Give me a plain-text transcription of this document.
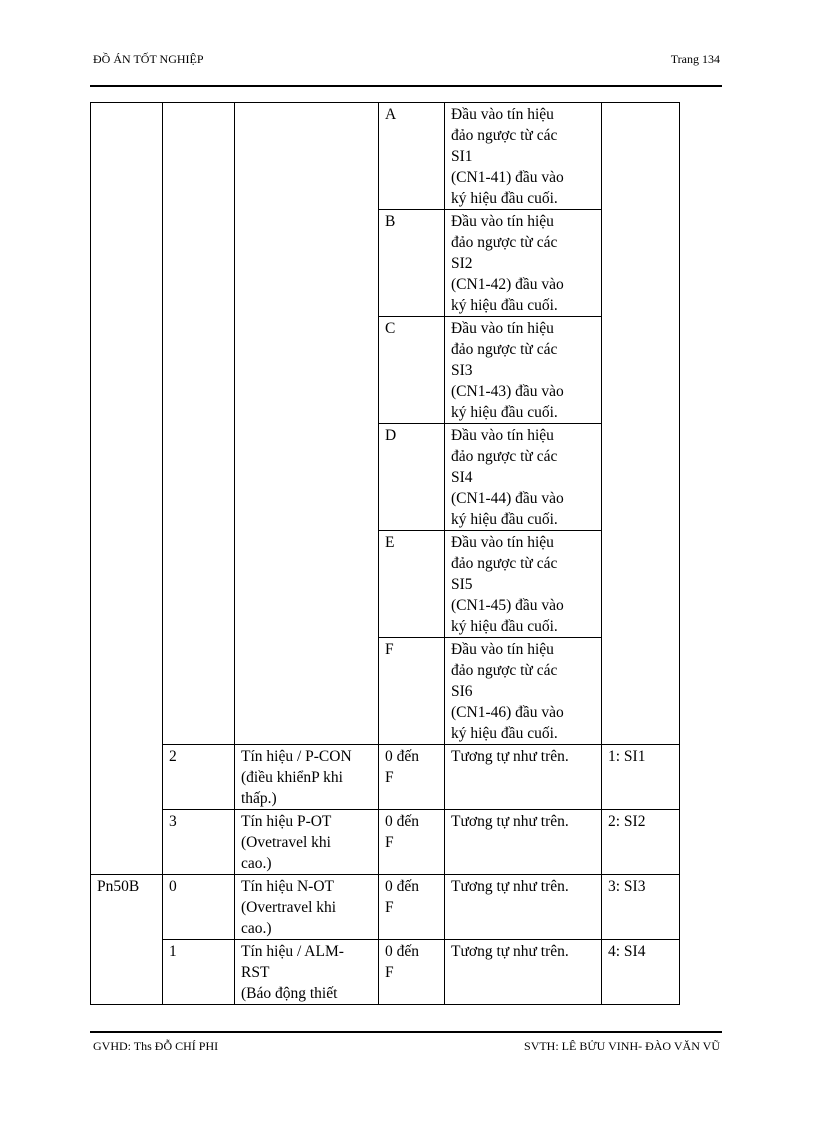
ĐỒ ÁN TỐT NGHIỆP	Trang 134

			A	Đầu vào tín hiệu
đảo ngược từ các
SI1
(CN1-41) đầu vào
ký hiệu đầu cuối.	

			B	Đầu vào tín hiệu
đảo ngược từ các
SI2
(CN1-42) đầu vào
ký hiệu đầu cuối.	

			C	Đầu vào tín hiệu
đảo ngược từ các
SI3
(CN1-43) đầu vào
ký hiệu đầu cuối.	

			D	Đầu vào tín hiệu
đảo ngược từ các
SI4
(CN1-44) đầu vào
ký hiệu đầu cuối.	

			E	Đầu vào tín hiệu
đảo ngược từ các
SI5
(CN1-45) đầu vào
ký hiệu đầu cuối.	

			F	Đầu vào tín hiệu
đảo ngược từ các
SI6
(CN1-46) đầu vào
ký hiệu đầu cuối.	

	2	Tín hiệu / P-CON
(điều khiểnP khi
thấp.)	0 đến
F	Tương tự như trên.	1: SI1

	3	Tín hiệu P-OT
(Ovetravel khi
cao.)	0 đến
F	Tương tự như trên.	2: SI2

Pn50B	0	Tín hiệu N-OT
(Overtravel khi
cao.)	0 đến
F	Tương tự như trên.	3: SI3

	1	Tín hiệu / ALM-
RST
(Báo động thiết	0 đến
F	Tương tự như trên.	4: SI4
GVHD: Ths ĐỖ CHÍ PHI	SVTH: LÊ BỬU VINH- ĐÀO VĂN VŨ
